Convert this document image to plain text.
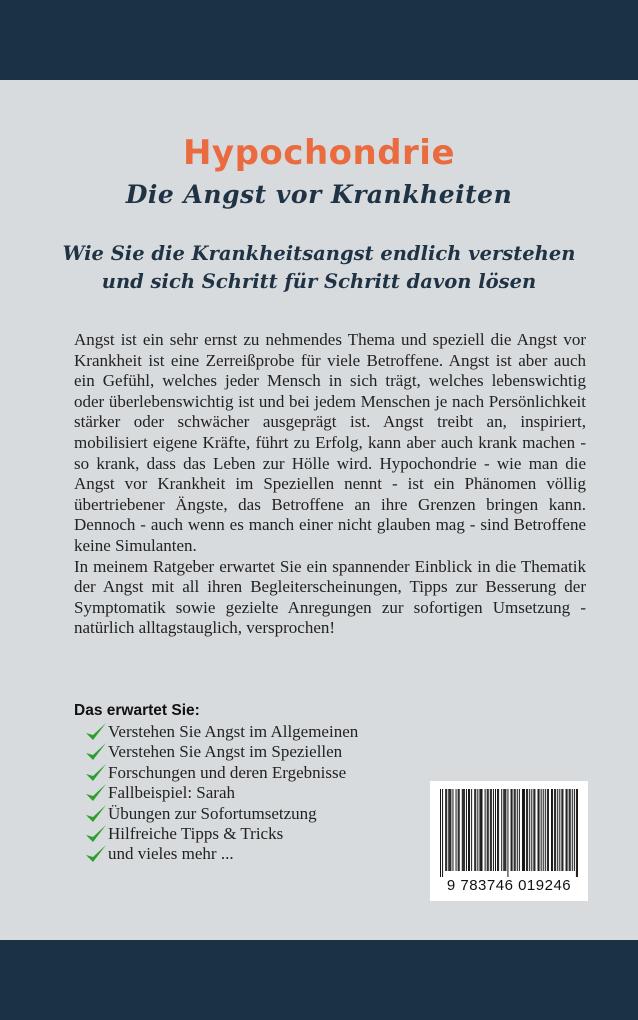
Hypochondrie
Die Angst vor Krankheiten
Wie Sie die Krankheitsangst endlich verstehen
und sich Schritt für Schritt davon lösen

Angst ist ein sehr ernst zu nehmendes Thema und speziell die Angst vor Krankheit ist eine Zerreißprobe für viele Betroffene. Angst ist aber auch ein Gefühl, welches jeder Mensch in sich trägt, welches lebenswichtig oder überlebenswichtig ist und bei jedem Menschen je nach Persönlichkeit stärker oder schwächer ausgeprägt ist. Angst treibt an, inspiriert, mobilisiert eigene Kräfte, führt zu Erfolg, kann aber auch krank machen - so krank, dass das Leben zur Hölle wird. Hypochondrie - wie man die Angst vor Krankheit im Speziellen nennt - ist ein Phänomen völlig übertriebener Ängste, das Betroffene an ihre Grenzen bringen kann. Dennoch - auch wenn es manch einer nicht glauben mag - sind Betroffene keine Simulanten.

In meinem Ratgeber erwartet Sie ein spannender Einblick in die Thematik der Angst mit all ihren Begleiterscheinungen, Tipps zur Besserung der Symptomatik sowie gezielte Anregungen zur sofortigen Umsetzung - natürlich alltagstauglich, versprochen!

Das erwartet Sie:
Verstehen Sie Angst im Allgemeinen
Verstehen Sie Angst im Speziellen
Forschungen und deren Ergebnisse
Fallbeispiel: Sarah
Übungen zur Sofortumsetzung
Hilfreiche Tipps & Tricks
und vieles mehr ...
9 783746 019246
